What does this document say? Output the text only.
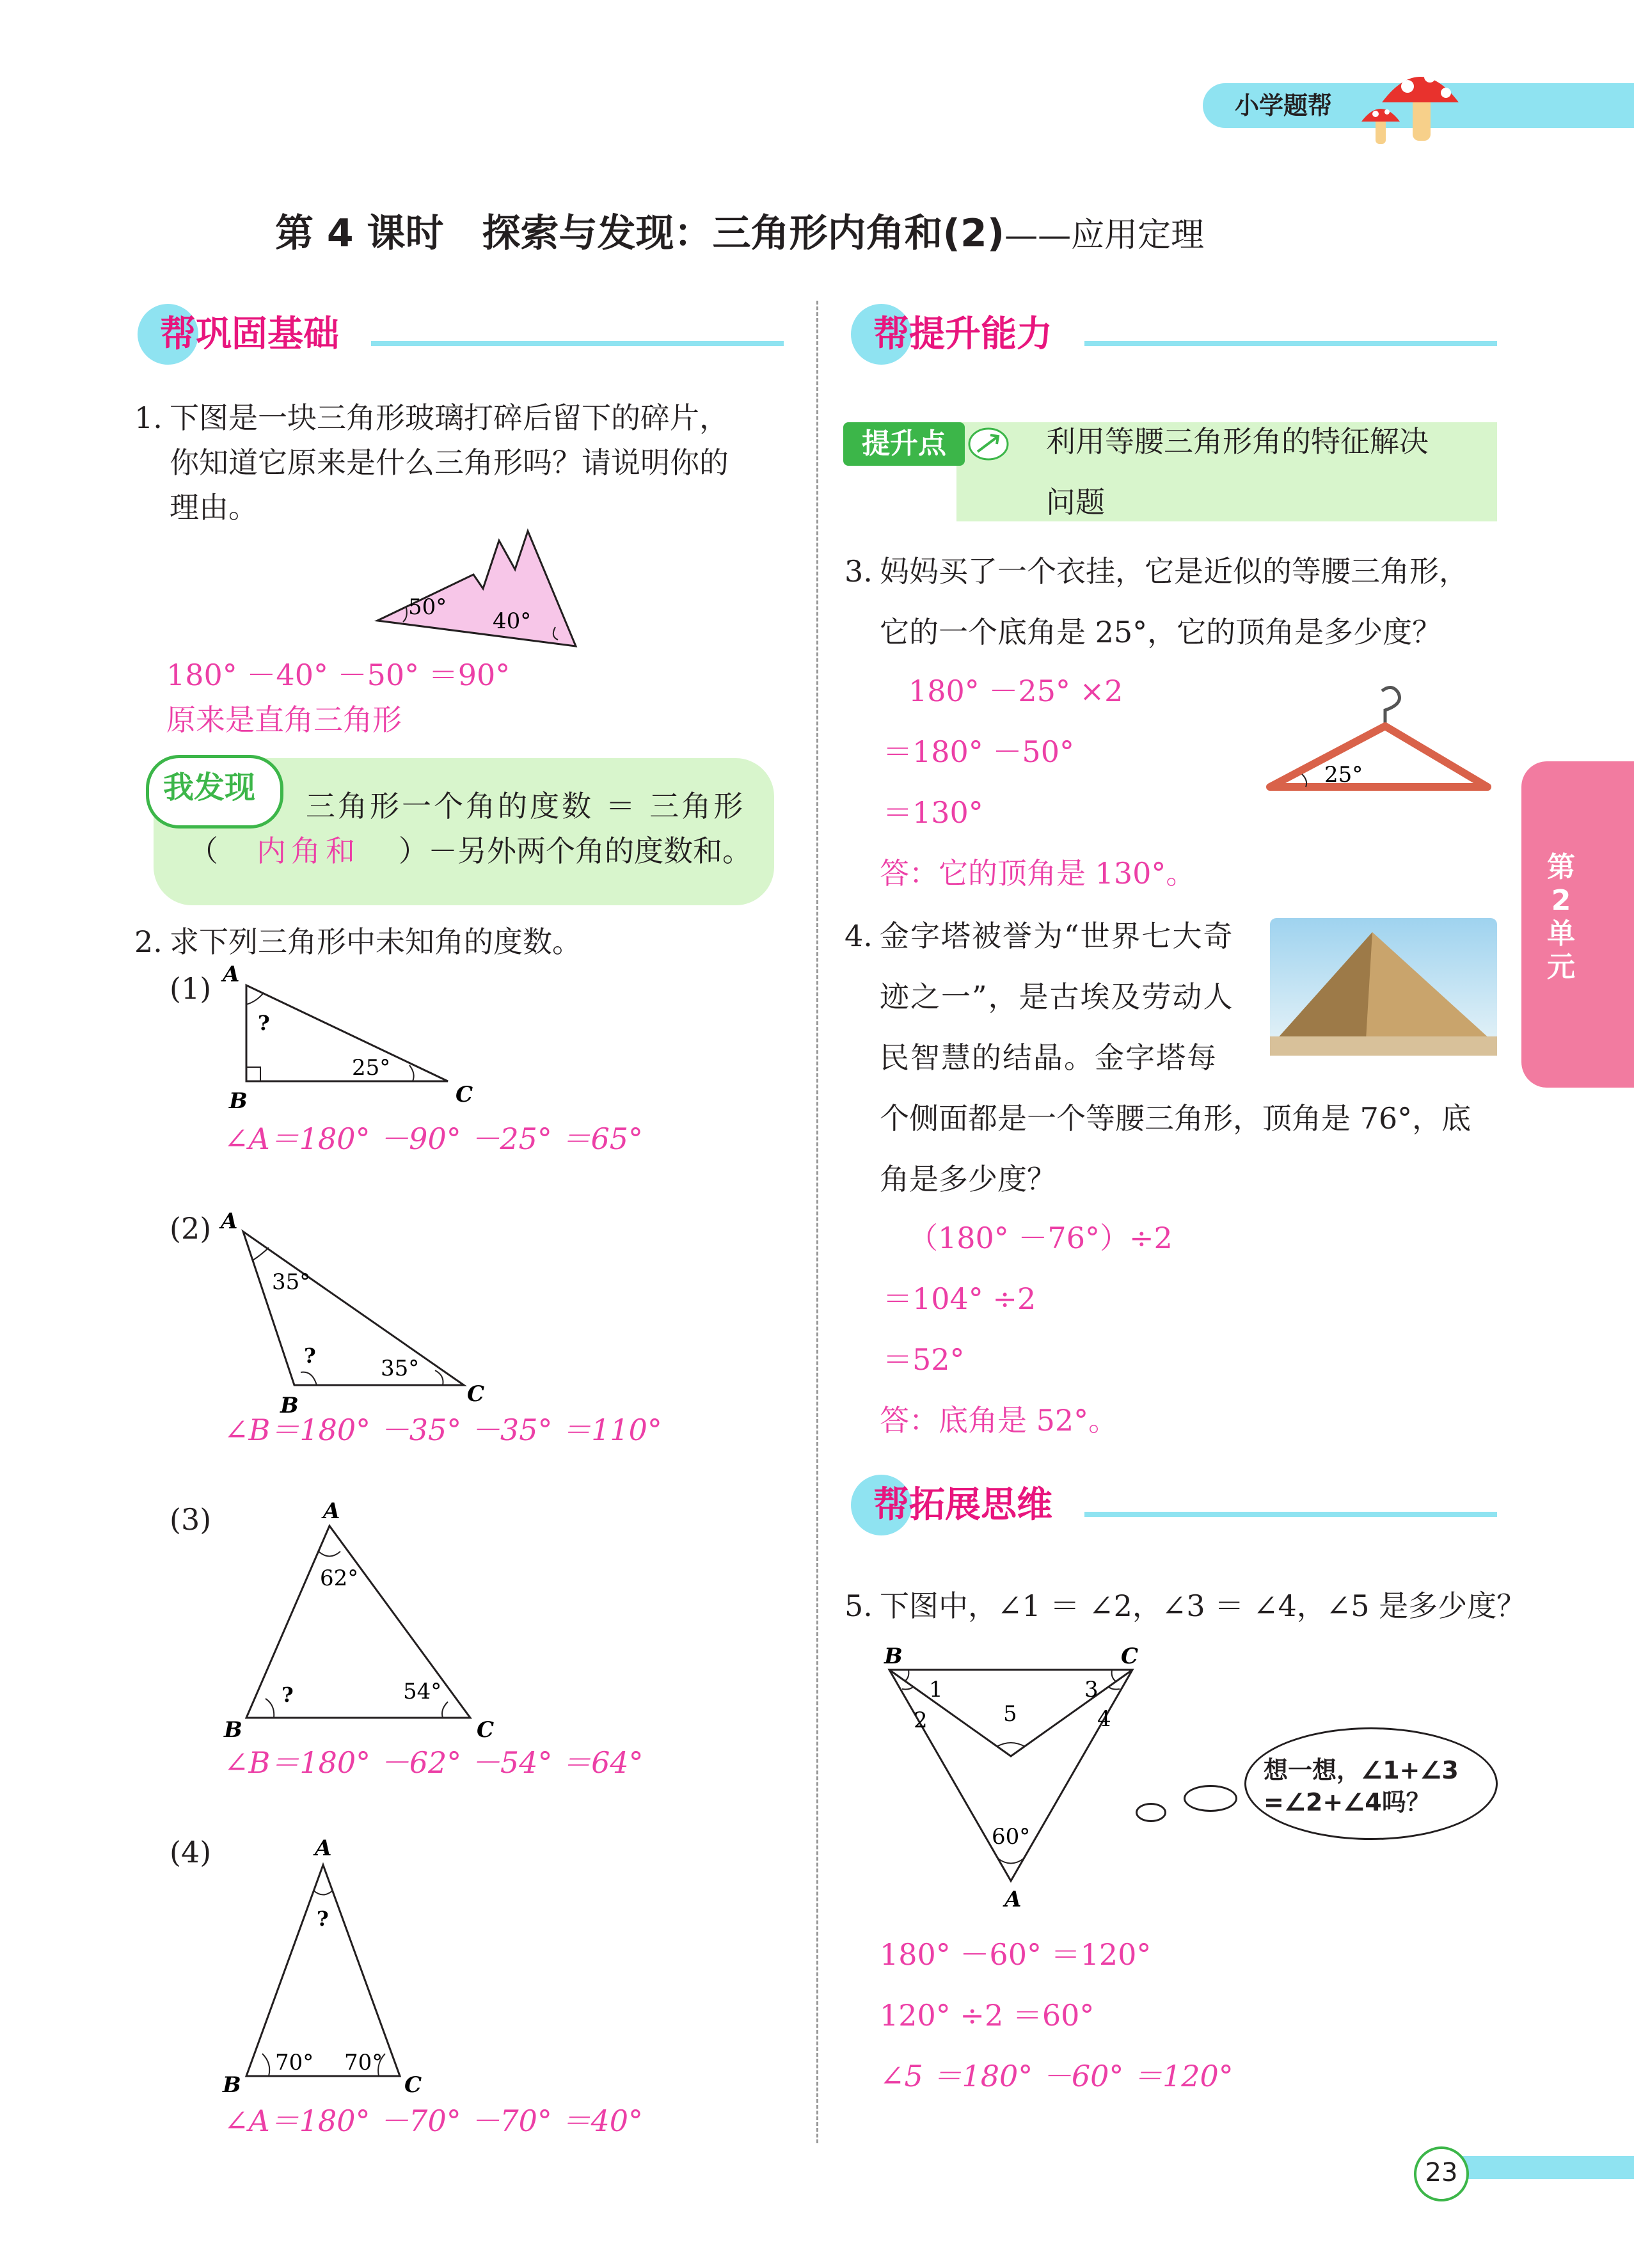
小学题帮
第 4 课时　探索与发现：三角形内角和(2)——应用定理
帮巩固基础
1. 下图是一块三角形玻璃打碎后留下的碎片，
你知道它原来是什么三角形吗？请说明你的
理由。
50°
40°
180° －40° －50° ＝90°
原来是直角三角形
我发现
三角形一个角的度数 ＝ 三角形
（ 内角和 ）－另外两个角的度数和。
2. 求下列三角形中未知角的度数。
(1) A
B	C
?
25°
∠A＝180° －90° －25° ＝65°
(2) A
B	C
?
35°
35°
∠B＝180° －35° －35° ＝110°
(3)	A
B	C
?
62°
54°
∠B＝180° －62° －54° ＝64°
(4)	A
B	C
?
70° 70°
∠A＝180° －70° －70° ＝40°
帮提升能力
提升点	利用等腰三角形角的特征解决
问题
3. 妈妈买了一个衣挂，它是近似的等腰三角形，
它的一个底角是 25°，它的顶角是多少度？
180° －25° ×2
＝180° －50°
＝130°
答：它的顶角是 130°。
25°
4. 金字塔被誉为“世界七大奇
迹之一”，是古埃及劳动人
民智慧的结晶。金字塔每
个侧面都是一个等腰三角形，顶角是 76°，底
角是多少度？
（180° －76°）÷2
＝104° ÷2
＝52°
答：底角是 52°。
帮拓展思维
5. 下图中，∠1 ＝ ∠2，∠3 ＝ ∠4，∠5 是多少度？
B	C
A
1
2
3
4
5
60°
想一想，∠1+∠3
=∠2+∠4吗？
180° －60° ＝120°
120° ÷2 ＝60°
∠5 ＝180° －60° ＝120°
第2单元
23
